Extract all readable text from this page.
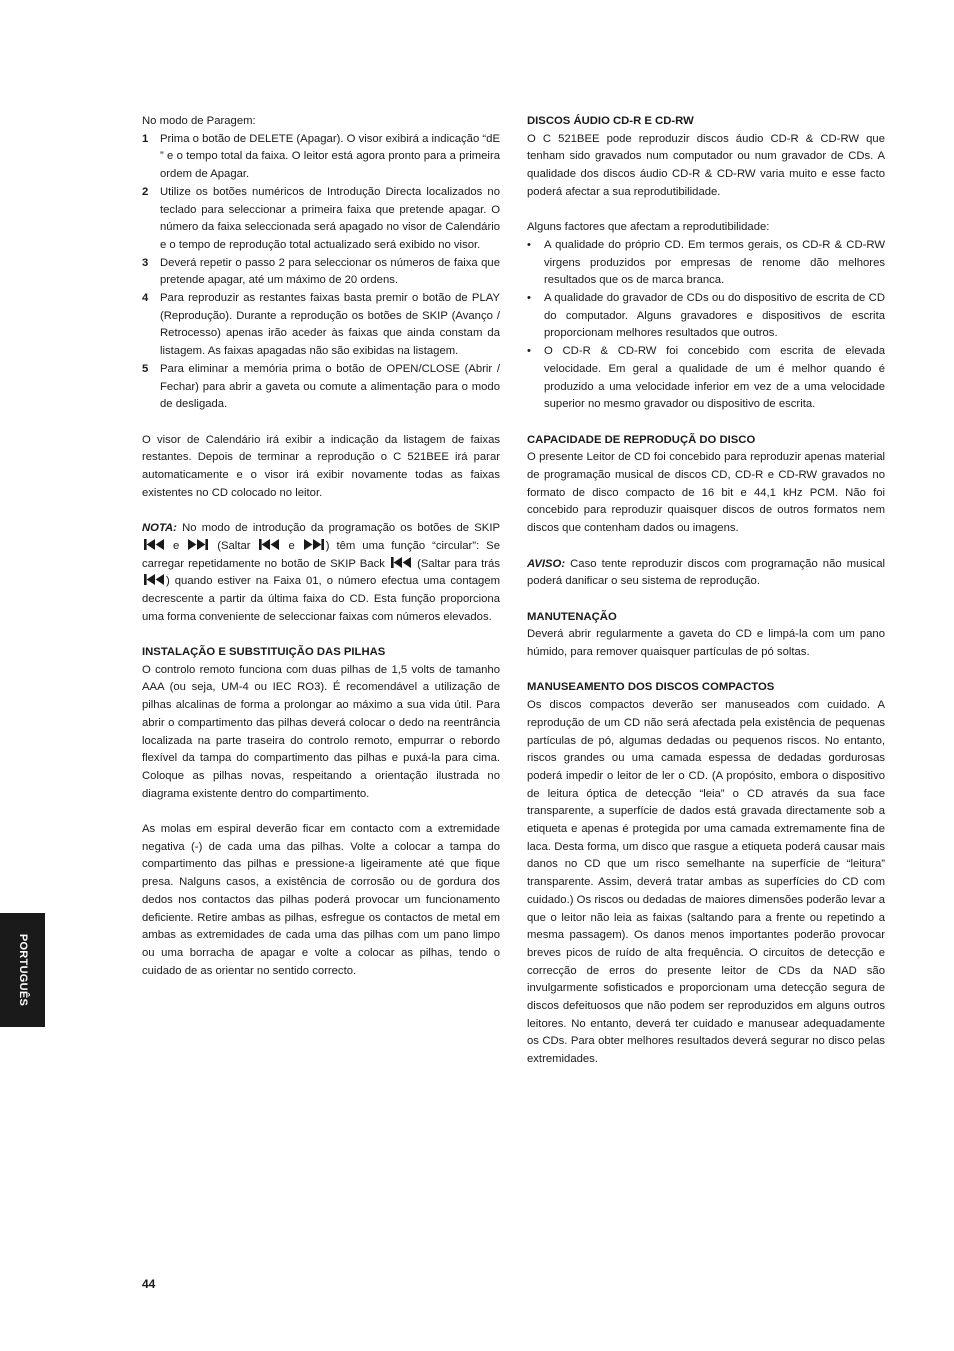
No modo de Paragem:

1	Prima o botão de DELETE (Apagar). O visor exibirá a indicação “dE ” e o tempo total da faixa. O leitor está agora pronto para a primeira ordem de Apagar.
2	Utilize os botões numéricos de Introdução Directa localizados no teclado para seleccionar a primeira faixa que pretende apagar. O número da faixa seleccionada será apagado no visor de Calendário e o tempo de reprodução total actualizado será exibido no visor.
3	Deverá repetir o passo 2 para seleccionar os números de faixa que pretende apagar, até um máximo de 20 ordens.
4	Para reproduzir as restantes faixas basta premir o botão de PLAY (Reprodução). Durante a reprodução os botões de SKIP (Avanço / Retrocesso) apenas irão aceder às faixas que ainda constam da listagem. As faixas apagadas não são exibidas na listagem.
5	Para eliminar a memória prima o botão de OPEN/CLOSE (Abrir / Fechar) para abrir a gaveta ou comute a alimentação para o modo de desligada.

O visor de Calendário irá exibir a indicação da listagem de faixas restantes. Depois de terminar a reprodução o C 521BEE irá parar automaticamente e o visor irá exibir novamente todas as faixas existentes no CD colocado no leitor.

NOTA: No modo de introdução da programação os botões de SKIP  e  (Saltar  e ) têm uma função “circular”: Se carregar repetidamente no botão de SKIP Back  (Saltar para trás ) quando estiver na Faixa 01, o número efectua uma contagem decrescente a partir da última faixa do CD. Esta função proporciona uma forma conveniente de seleccionar faixas com números elevados.

INSTALAÇÃO E SUBSTITUIÇÃO DAS PILHAS

O controlo remoto funciona com duas pilhas de 1,5 volts de tamanho AAA (ou seja, UM-4 ou IEC RO3). É recomendável a utilização de pilhas alcalinas de forma a prolongar ao máximo a sua vida útil. Para abrir o compartimento das pilhas deverá colocar o dedo na reentrância localizada na parte traseira do controlo remoto, empurrar o rebordo flexível da tampa do compartimento das pilhas e puxá-la para cima. Coloque as pilhas novas, respeitando a orientação ilustrada no diagrama existente dentro do compartimento.

As molas em espiral deverão ficar em contacto com a extremidade negativa (-) de cada uma das pilhas. Volte a colocar a tampa do compartimento das pilhas e pressione-a ligeiramente até que fique presa. Nalguns casos, a existência de corrosão ou de gordura dos dedos nos contactos das pilhas poderá provocar um funcionamento deficiente. Retire ambas as pilhas, esfregue os contactos de metal em ambas as extremidades de cada uma das pilhas com um pano limpo ou uma borracha de apagar e volte a colocar as pilhas, tendo o cuidado de as orientar no sentido correcto.

DISCOS ÁUDIO CD-R E CD-RW

O C 521BEE pode reproduzir discos áudio CD-R & CD-RW que tenham sido gravados num computador ou num gravador de CDs. A qualidade dos discos áudio CD-R & CD-RW varia muito e esse facto poderá afectar a sua reprodutibilidade.

Alguns factores que afectam a reprodutibilidade:

•	A qualidade do próprio CD. Em termos gerais, os CD-R & CD-RW virgens produzidos por empresas de renome dão melhores resultados que os de marca branca.
•	A qualidade do gravador de CDs ou do dispositivo de escrita de CD do computador. Alguns gravadores e dispositivos de escrita proporcionam melhores resultados que outros.
•	O CD-R & CD-RW foi concebido com escrita de elevada velocidade. Em geral a qualidade de um é melhor quando é produzido a uma velocidade inferior em vez de a uma velocidade superior no mesmo gravador ou dispositivo de escrita.
CAPACIDADE DE REPRODUÇÃ DO DISCO

O presente Leitor de CD foi concebido para reproduzir apenas material de programação musical de discos CD, CD-R e CD-RW gravados no formato de disco compacto de 16 bit e 44,1 kHz PCM. Não foi concebido para reproduzir quaisquer discos de outros formatos nem discos que contenham dados ou imagens.

AVISO: Caso tente reproduzir discos com programação não musical poderá danificar o seu sistema de reprodução.

MANUTENAÇÃO

Deverá abrir regularmente a gaveta do CD e limpá-la com um pano húmido, para remover quaisquer partículas de pó soltas.

MANUSEAMENTO DOS DISCOS COMPACTOS

Os discos compactos deverão ser manuseados com cuidado. A reprodução de um CD não será afectada pela existência de pequenas partículas de pó, algumas dedadas ou pequenos riscos. No entanto, riscos grandes ou uma camada espessa de dedadas gordurosas poderá impedir o leitor de ler o CD. (A propósito, embora o dispositivo de leitura óptica de detecção “leia” o CD através da sua face transparente, a superfície de dados está gravada directamente sob a etiqueta e apenas é protegida por uma camada extremamente fina de laca. Desta forma, um disco que rasgue a etiqueta poderá causar mais danos no CD que um risco semelhante na superfície de “leitura” transparente. Assim, deverá tratar ambas as superfícies do CD com cuidado.) Os riscos ou dedadas de maiores dimensões poderão levar a que o leitor não leia as faixas (saltando para a frente ou repetindo a mesma passagem). Os danos menos importantes poderão provocar breves picos de ruído de alta frequência. O circuitos de detecção e correcção de erros do presente leitor de CDs da NAD são invulgarmente sofisticados e proporcionam uma detecção segura de discos defeituosos que não podem ser reproduzidos em alguns outros leitores. No entanto, deverá ter cuidado e manusear adequadamente os CDs. Para obter melhores resultados deverá segurar no disco pelas extremidades.

PORTUGUÊS
44
